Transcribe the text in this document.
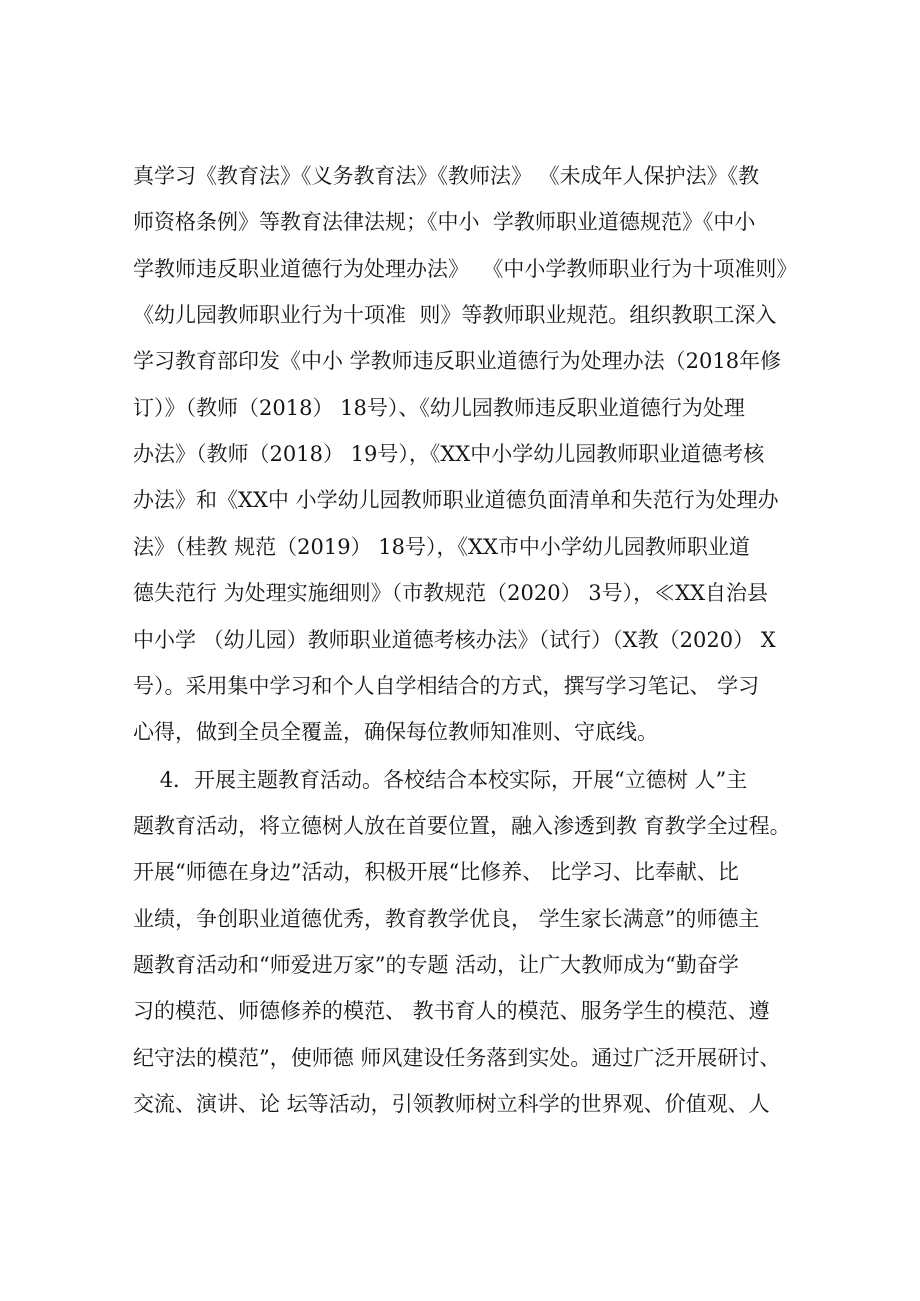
真学习《教育法》《义务教育法》《教师法》 《未成年人保护法》《教
师资格条例》等教育法律法规；《中小  学教师职业道德规范》《中小
学教师违反职业道德行为处理办法》  《中小学教师职业行为十项准则》
《幼儿园教师职业行为十项准  则》等教师职业规范。组织教职工深入
学习教育部印发《中小 学教师违反职业道德行为处理办法（2018年修
订）》（教师（2018） 18号）、《幼儿园教师违反职业道德行为处理
办法》（教师（2018） 19号），《XX中小学幼儿园教师职业道德考核
办法》和《XX中 小学幼儿园教师职业道德负面清单和失范行为处理办
法》（桂教 规范（2019） 18号），《XX市中小学幼儿园教师职业道
德失范行 为处理实施细则》（市教规范（2020） 3号），≪XX自治县
中小学 （幼儿园）教师职业道德考核办法》（试行）（X教（2020） X
号）。采用集中学习和个人自学相结合的方式，撰写学习笔记、 学习
心得，做到全员全覆盖，确保每位教师知准则、守底线。
4．开展主题教育活动。各校结合本校实际，开展“立德树 人”主
题教育活动，将立德树人放在首要位置，融入渗透到教 育教学全过程。
开展“师德在身边”活动，积极开展“比修养、 比学习、比奉献、比
业绩，争创职业道德优秀，教育教学优良， 学生家长满意”的师德主
题教育活动和“师爱进万家”的专题 活动，让广大教师成为“勤奋学
习的模范、师德修养的模范、 教书育人的模范、服务学生的模范、遵
纪守法的模范”，使师德 师风建设任务落到实处。通过广泛开展研讨、
交流、演讲、论 坛等活动，引领教师树立科学的世界观、价值观、人
